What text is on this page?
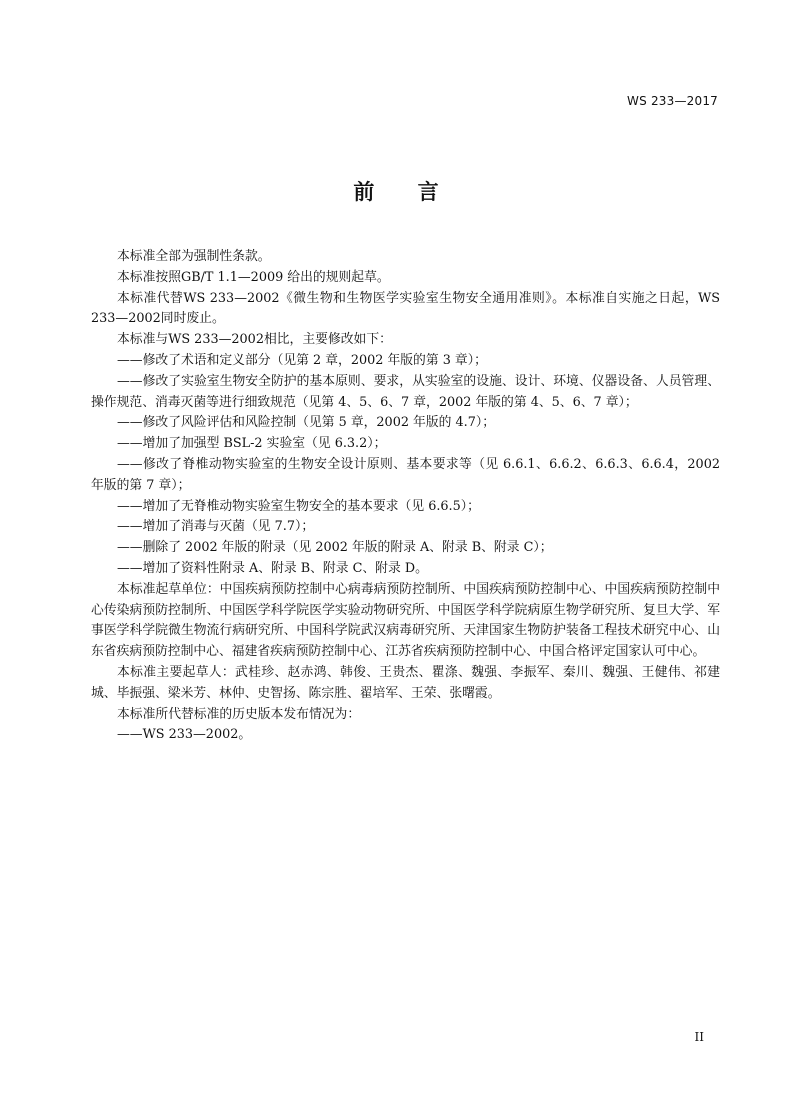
WS 233—2017
前 言

本标准全部为强制性条款。

本标准按照GB/T 1.1—2009 给出的规则起草。

本标准代替WS 233—2002《微生物和生物医学实验室生物安全通用准则》。本标准自实施之日起，WS 233—2002同时废止。

本标准与WS 233—2002相比，主要修改如下：

——修改了术语和定义部分（见第 2 章，2002 年版的第 3 章）；

——修改了实验室生物安全防护的基本原则、要求，从实验室的设施、设计、环境、仪器设备、人员管理、操作规范、消毒灭菌等进行细致规范（见第 4、5、6、7 章，2002 年版的第 4、5、6、7 章）；

——修改了风险评估和风险控制（见第 5 章，2002 年版的 4.7）；

——增加了加强型 BSL-2 实验室（见 6.3.2）；

——修改了脊椎动物实验室的生物安全设计原则、基本要求等（见 6.6.1、6.6.2、6.6.3、6.6.4，2002 年版的第 7 章）；

——增加了无脊椎动物实验室生物安全的基本要求（见 6.6.5）；

——增加了消毒与灭菌（见 7.7）；

——删除了 2002 年版的附录（见 2002 年版的附录 A、附录 B、附录 C）；

——增加了资料性附录 A、附录 B、附录 C、附录 D。

本标准起草单位：中国疾病预防控制中心病毒病预防控制所、中国疾病预防控制中心、中国疾病预防控制中心传染病预防控制所、中国医学科学院医学实验动物研究所、中国医学科学院病原生物学研究所、复旦大学、军事医学科学院微生物流行病研究所、中国科学院武汉病毒研究所、天津国家生物防护装备工程技术研究中心、山东省疾病预防控制中心、福建省疾病预防控制中心、江苏省疾病预防控制中心、中国合格评定国家认可中心。

本标准主要起草人：武桂珍、赵赤鸿、韩俊、王贵杰、瞿涤、魏强、李振军、秦川、魏强、王健伟、祁建城、毕振强、梁米芳、林仲、史智扬、陈宗胜、翟培军、王荣、张曙霞。

本标准所代替标准的历史版本发布情况为：

——WS 233—2002。

II
